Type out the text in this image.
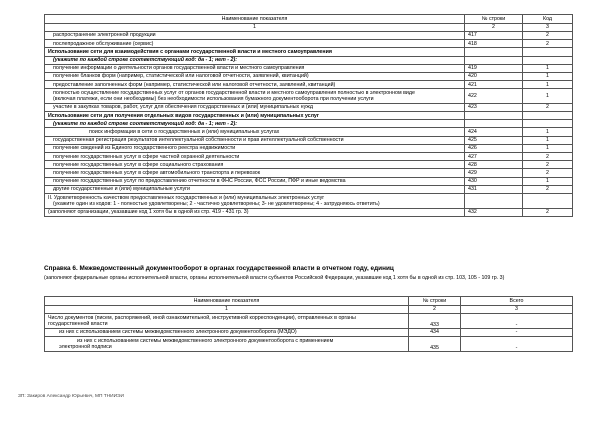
Наименование показателя	№ строки	Код
1	2	3
распространение электронной продукции	417	2
послепродажное обслуживание (сервис)	418	2
Использование сети для взаимодействия с органами государственной власти и местного самоуправления		
(укажите по каждой строке соответствующий код: да - 1; нет - 2):		
получение информации о деятельности органов государственной власти и местного самоуправления	419	1
получение бланков форм (например, статистической или налоговой отчетности, заявлений, квитанций)	420	1
предоставление заполненных форм (например, статистической или налоговой отчетности, заявлений, квитанций)	421	1

полностью осуществление государственных услуг от органов государственной власти и местного самоуправления полностью в электронном виде
(включая платежи, если они необходимы) без необходимости использования бумажного документооборота при получении услуги	422	1
участие в закупках товаров, работ, услуг для обеспечения государственных и (или) муниципальных нужд	423	2
Использование сети для получения отдельных видов государственных и (или) муниципальных услуг		
(укажите по каждой строке соответствующий код: да - 1; нет - 2):		
поиск информации в сети о государственных и (или) муниципальных услугах	424	1
государственная регистрация результатов интеллектуальной собственности и прав интеллектуальной собственности	425	1
получение сведений из Единого государственного реестра недвижимости	426	1
получение государственных услуг в сфере частной охранной деятельности	427	2
получение государственных услуг в сфере социального страхования	428	2
получение государственных услуг в сфере автомобильного транспорта и перевозок	429	2
получение государственных услуг по предоставлению отчетности в ФНС России, ФСС России, ПФР и иные ведомства	430	1
другие государственные и (или) муниципальные услуги	431	2

II. Удовлетворенность качеством предоставленных государственных и (или) муниципальных электронных услуг
(укажите один из кодов: 1 - полностью удовлетворены; 2 - частично удовлетворены; 3- не удовлетворены; 4 - затрудняюсь ответить)		

(заполняют организации, указавшие код 1 хотя бы в одной из стр. 419 - 431 гр. 3)	432	2
Справка 6. Межведомственный документооборот в органах государственной власти в отчетном году, единиц
(заполняют федеральные органы исполнительной власти, органы исполнительной власти субъектов Российской Федерации, указавшие код 1 хотя бы в одной из стр. 103, 105 - 109 гр. 3)
Наименование показателя	№ строки	Всего
1	2	3

Число документов (писем, распоряжений, иной ознакомительной, инструктивной корреспонденции), отправленных в органы
государственной власти	433	-
из них с использованием системы межведомственного электронного документооборота (МЭДО)	434	-

из них с использованием системы межведомственного электронного документооборота с применением
электронной подписи	435	-
ЗП: Закиров Александр Юрьевич, МП ТНИИЭИ
